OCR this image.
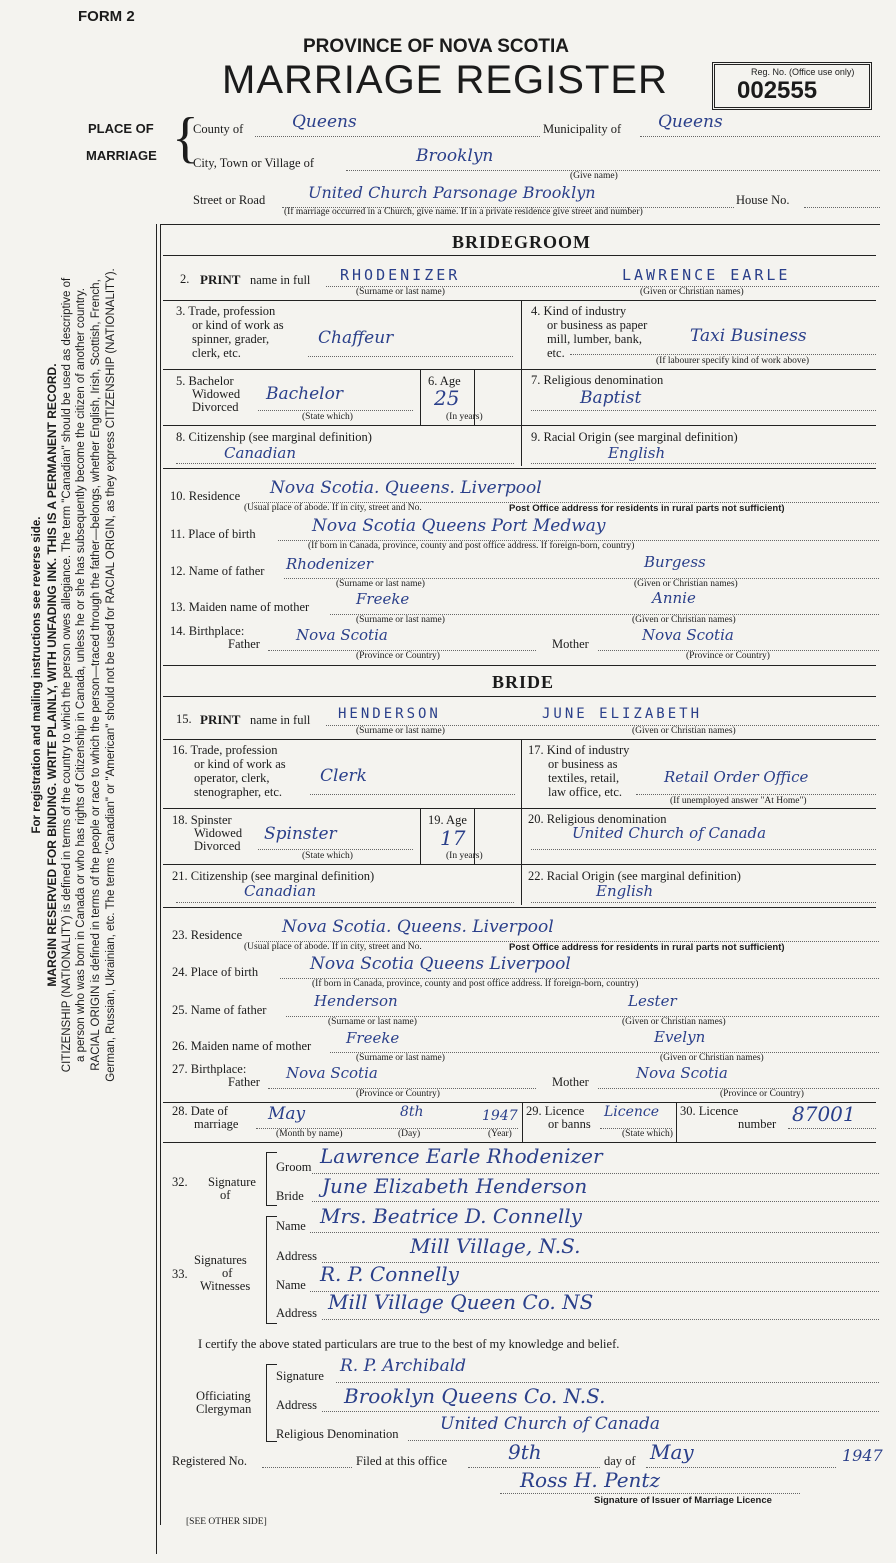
For registration and mailing instructions see reverse side. MARGIN RESERVED FOR BINDING. WRITE PLAINLY, WITH UNFADING INK. THIS IS A PERMANENT RECORD. CITIZENSHIP (NATIONALITY) is defined in terms of the country to which the person owes allegiance. The term "Canadian" should be used as descriptive of a person who was born in Canada or who has rights of Citizenship in Canada, unless he or she has subsequently become the citizen of another country. RACIAL ORIGIN is defined in terms of the people or race to which the person—traced through the father—belongs, whether English, Irish, Scottish, French, German, Russian, Ukrainian, etc. The terms "Canadian" or "American" should not be used for RACIAL ORIGIN, as they express CITIZENSHIP (NATIONALITY).
FORM 2
PROVINCE OF NOVA SCOTIA
MARRIAGE REGISTER	Reg. No. (Office use only)
002555
PLACE OF
MARRIAGE {
County of	Queens	Municipality of Queens
City, Town or Village of	Brooklyn
(Give name)
Street or Road	United Church Parsonage Brooklyn	House No.
(If marriage occurred in a Church, give name. If in a private residence give street and number)
BRIDEGROOM
2. PRINT name in full RHODENIZER	LAWRENCE EARLE
(Surname or last name)	(Given or Christian names)
3. Trade, profession
or kind of work as
spinner, grader,
clerk, etc.
Chaffeur
4. Kind of industry
or business as paper
mill, lumber, bank,
etc.
Taxi Business
(If labourer specify kind of work above)
5. Bachelor
Widowed
Divorced
Bachelor
(State which)
6. Age
25
(In years)
7. Religious denomination
Baptist
8. Citizenship (see marginal definition)
Canadian
9. Racial Origin (see marginal definition)
English
10. Residence Nova Scotia. Queens. Liverpool
(Usual place of abode. If in city, street and No.	Post Office address for residents in rural parts not sufficient)
11. Place of birth	Nova Scotia Queens Port Medway
(If born in Canada, province, county and post office address. If foreign-born, country)
12. Name of father Rhodenizer	Burgess
(Surname or last name)	(Given or Christian names)
13. Maiden name of mother	Freeke	Annie
(Surname or last name)	(Given or Christian names)
14. Birthplace:
Father Nova Scotia	Mother	Nova Scotia
(Province or Country)	(Province or Country)
BRIDE
15. PRINT name in full HENDERSON	JUNE ELIZABETH
(Surname or last name)	(Given or Christian names)
16. Trade, profession
or kind of work as
operator, clerk,
stenographer, etc.
Clerk
17. Kind of industry
or business as
textiles, retail,
law office, etc.
Retail Order Office
(If unemployed answer "At Home")
18. Spinster
Widowed
Divorced
Spinster
(State which)
19. Age
17
(In years)
20. Religious denomination
United Church of Canada
21. Citizenship (see marginal definition)
Canadian
22. Racial Origin (see marginal definition)
English
23. Residence Nova Scotia. Queens. Liverpool
(Usual place of abode. If in city, street and No.	Post Office address for residents in rural parts not sufficient)
24. Place of birth	Nova Scotia Queens Liverpool
(If born in Canada, province, county and post office address. If foreign-born, country)
25. Name of father	Henderson	Lester
(Surname or last name)	(Given or Christian names)
26. Maiden name of mother Freeke	Evelyn
(Surname or last name)	(Given or Christian names)
27. Birthplace:
Father Nova Scotia	Mother	Nova Scotia
(Province or Country)	(Province or Country)
28. Date of
marriage May	8th	1947
(Month by name)	(Day)	(Year)
29. Licence
or banns
Licence
(State which)
30. Licence
number 87001
32. Signature
of
Groom Lawrence Earle Rhodenizer
Bride June Elizabeth Henderson
33.
Signatures
of
Witnesses
Name Mrs. Beatrice D. Connelly
Address	Mill Village, N.S.
Name R. P. Connelly
Address Mill Village Queen Co. NS
I certify the above stated particulars are true to the best of my knowledge and belief.
Officiating
Clergyman
Signature R. P. Archibald
Address Brooklyn Queens Co. N.S.
Religious Denomination United Church of Canada
Registered No.	Filed at this office	9th	day of May	1947
Ross H. Pentz
Signature of Issuer of Marriage Licence
[SEE OTHER SIDE]
